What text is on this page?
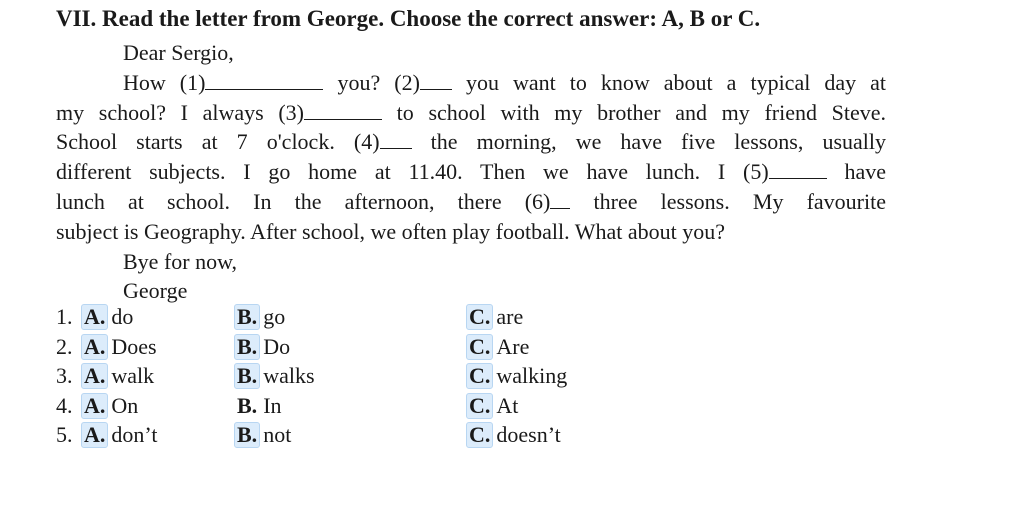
VII. Read the letter from George. Choose the correct answer: A, B or C.

Dear Sergio,

How (1)	you? (2) you want to know about a typical day at

my school? I always (3)	to school with my brother and my friend Steve.

School starts at 7 o'clock. (4) the morning, we have five lessons, usually

different subjects. I go home at 11.40. Then we have lunch. I (5)	have

lunch at school. In the afternoon, there (6) three lessons. My favourite

subject is Geography. After school, we often play football. What about you?

Bye for now,

George

1. A. do	B. go	C. are
2. A. Does	B. Do	C. Are
3. A. walk	B. walks	C. walking
4. A. On	B. In	C. At
5. A. don’t	B. not	C. doesn’t
